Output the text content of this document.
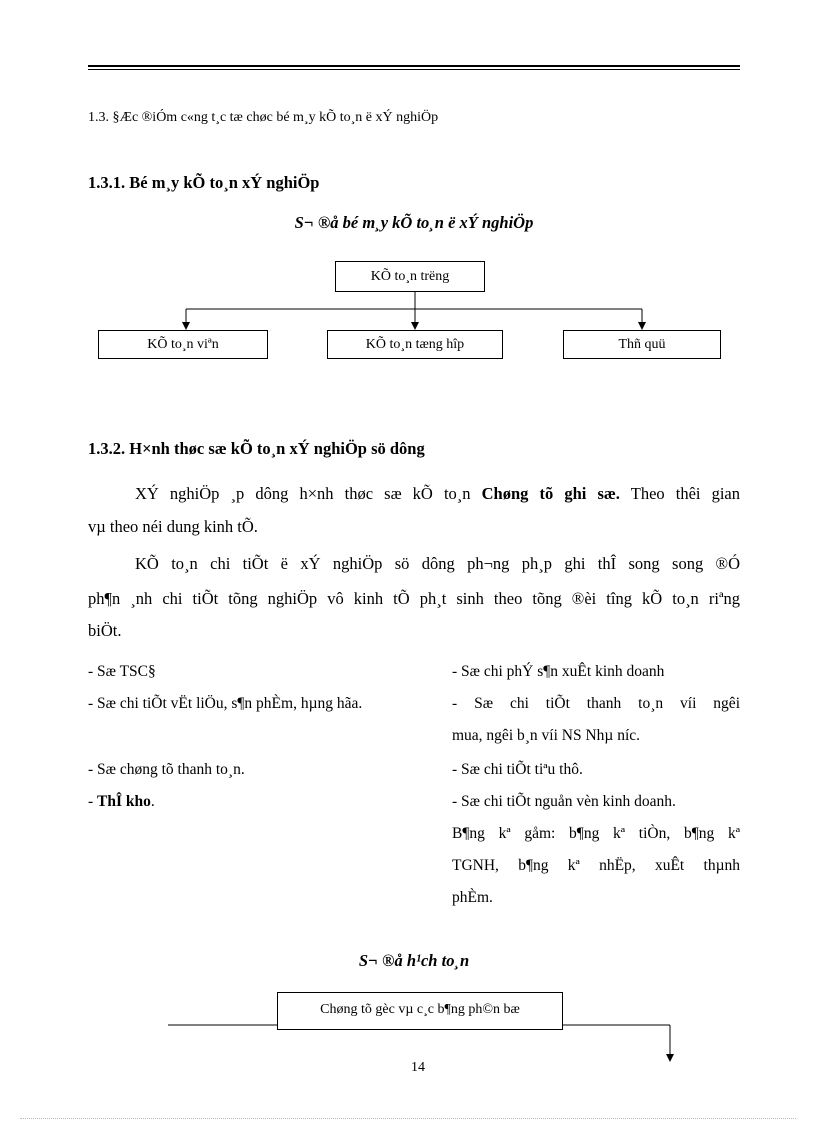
1.3. §Æc ®iÓm c«ng t¸c tæ chøc bé m¸y kÕ to¸n ë xÝ nghiÖp
1.3.1. Bé m¸y kÕ to¸n xÝ nghiÖp
S¬ ®å bé m¸y kÕ to¸n ë xÝ nghiÖp
KÕ to¸n trëng
KÕ to¸n viªn	KÕ to¸n tæng hîp	Thñ quü
1.3.2. H×nh thøc sæ kÕ to¸n xÝ nghiÖp sö dông
XÝ nghiÖp ¸p dông h×nh thøc sæ kÕ to¸n Chøng tõ ghi sæ. Theo thêi gian
vµ theo néi dung kinh tÕ.
KÕ to¸n chi tiÕt ë xÝ nghiÖp sö dông ph¬ng ph¸p ghi thÎ song song ®Ó
ph¶n ¸nh chi tiÕt tõng nghiÖp vô kinh tÕ ph¸t sinh theo tõng ®èi tîng kÕ to¸n riªng
biÖt.
- Sæ TSC§
- Sæ chi tiÕt vËt liÖu, s¶n phÈm, hµng hãa.
- Sæ chøng tõ thanh to¸n.
- ThÎ kho.
- Sæ chi phÝ s¶n xuÊt kinh doanh
- Sæ chi tiÕt thanh to¸n víi ngêi
mua, ngêi b¸n víi NS Nhµ níc.
- Sæ chi tiÕt tiªu thô.
- Sæ chi tiÕt nguån vèn kinh doanh.
B¶ng kª gåm: b¶ng kª tiÒn, b¶ng kª
TGNH, b¶ng kª nhËp, xuÊt thµnh
phÈm.
S¬ ®å h¹ch to¸n
Chøng tõ gèc vµ c¸c b¶ng ph©n bæ
14
